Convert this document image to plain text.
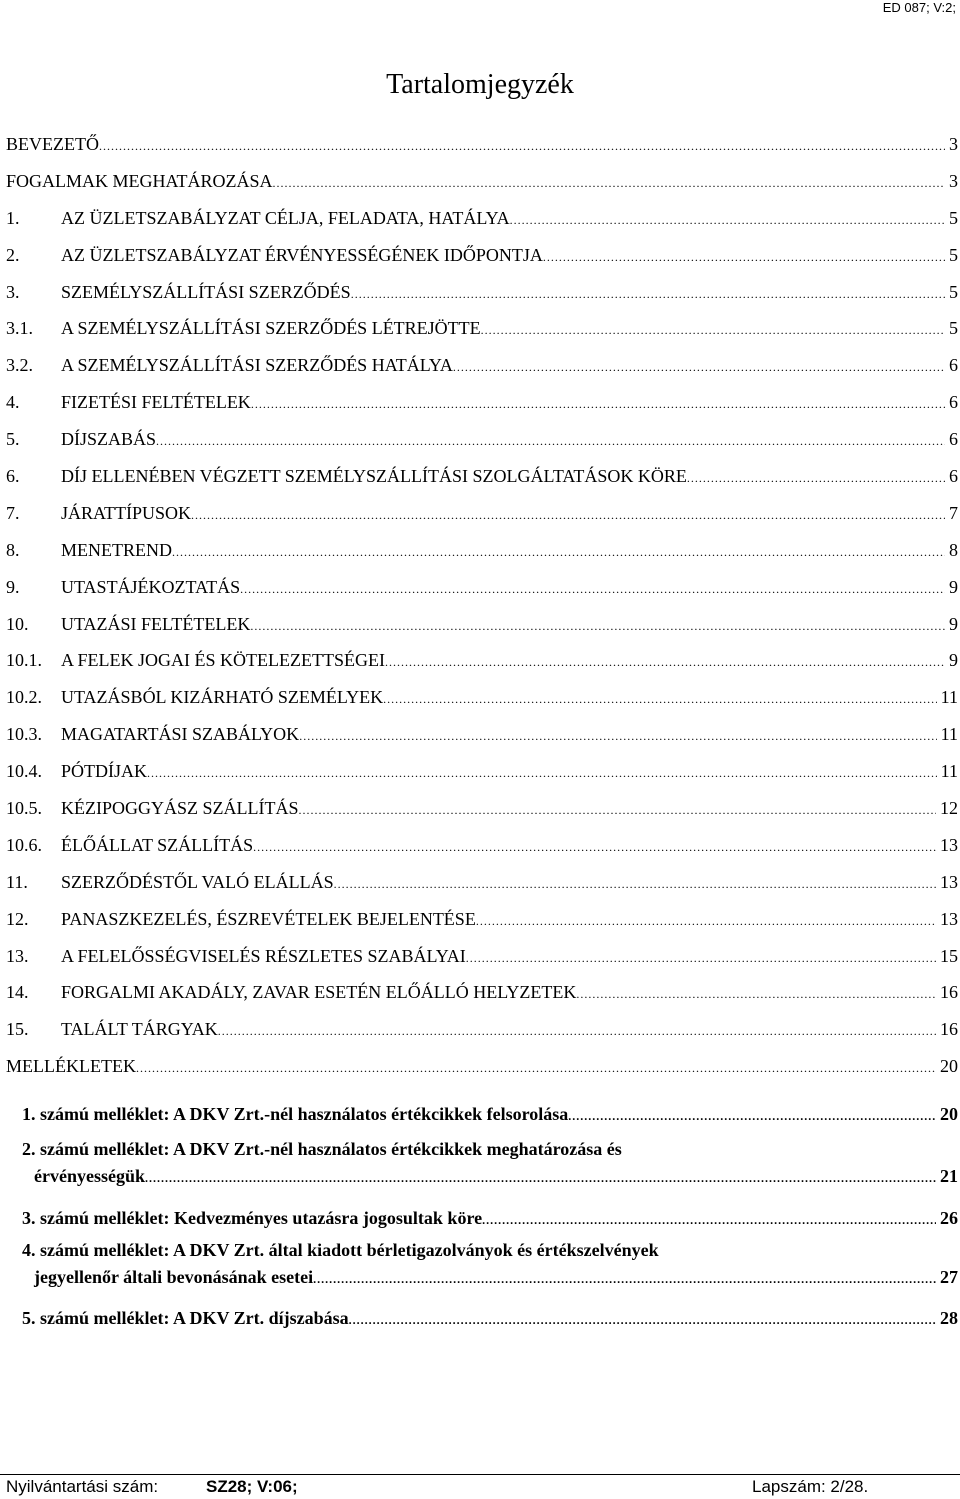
ED 087; V:2;
Tartalomjegyzék
BEVEZETŐ .....	3
FOGALMAK MEGHATÁROZÁSA .....	3
1.	AZ ÜZLETSZABÁLYZAT CÉLJA, FELADATA, HATÁLYA .....	5
2.	AZ ÜZLETSZABÁLYZAT ÉRVÉNYESSÉGÉNEK IDŐPONTJA .....	5
3.	SZEMÉLYSZÁLLÍTÁSI SZERZŐDÉS .....	5
3.1.	A SZEMÉLYSZÁLLÍTÁSI SZERZŐDÉS LÉTREJÖTTE .....	5
3.2.	A SZEMÉLYSZÁLLÍTÁSI SZERZŐDÉS HATÁLYA .....	6
4.	FIZETÉSI FELTÉTELEK .....	6
5.	DÍJSZABÁS .....	6
6.	DÍJ ELLENÉBEN VÉGZETT SZEMÉLYSZÁLLÍTÁSI SZOLGÁLTATÁSOK KÖRE .....	6
7.	JÁRATTÍPUSOK .....	7
8.	MENETREND .....	8
9.	UTASTÁJÉKOZTATÁS .....	9
10.	UTAZÁSI FELTÉTELEK .....	9
10.1.	A FELEK JOGAI ÉS KÖTELEZETTSÉGEI .....	9
10.2.	UTAZÁSBÓL KIZÁRHATÓ SZEMÉLYEK .....	11
10.3.	MAGATARTÁSI SZABÁLYOK .....	11
10.4.	PÓTDÍJAK .....	11
10.5.	KÉZIPOGGYÁSZ SZÁLLÍTÁS .....	12
10.6.	ÉLŐÁLLAT SZÁLLÍTÁS .....	13
11.	SZERZŐDÉSTŐL VALÓ ELÁLLÁS .....	13
12.	PANASZKEZELÉS, ÉSZREVÉTELEK BEJELENTÉSE .....	13
13.	A FELELŐSSÉGVISELÉS RÉSZLETES SZABÁLYAI .....	15
14.	FORGALMI AKADÁLY, ZAVAR ESETÉN ELŐÁLLÓ HELYZETEK .....	16
15.	TALÁLT TÁRGYAK .....	16
MELLÉKLETEK .....	20
1. számú melléklet: A DKV Zrt.-nél használatos értékcikkek felsorolása .....	20
2. számú melléklet: A DKV Zrt.-nél használatos értékcikkek meghatározása és
érvényességük .....	21
3. számú melléklet: Kedvezményes utazásra jogosultak köre .....	26
4. számú melléklet: A DKV Zrt. által kiadott bérletigazolványok és értékszelvények
jegyellenőr általi bevonásának esetei .....	27
5. számú melléklet: A DKV Zrt. díjszabása .....	28
Nyilvántartási szám:	SZ28; V:06;	Lapszám: 2/28.
